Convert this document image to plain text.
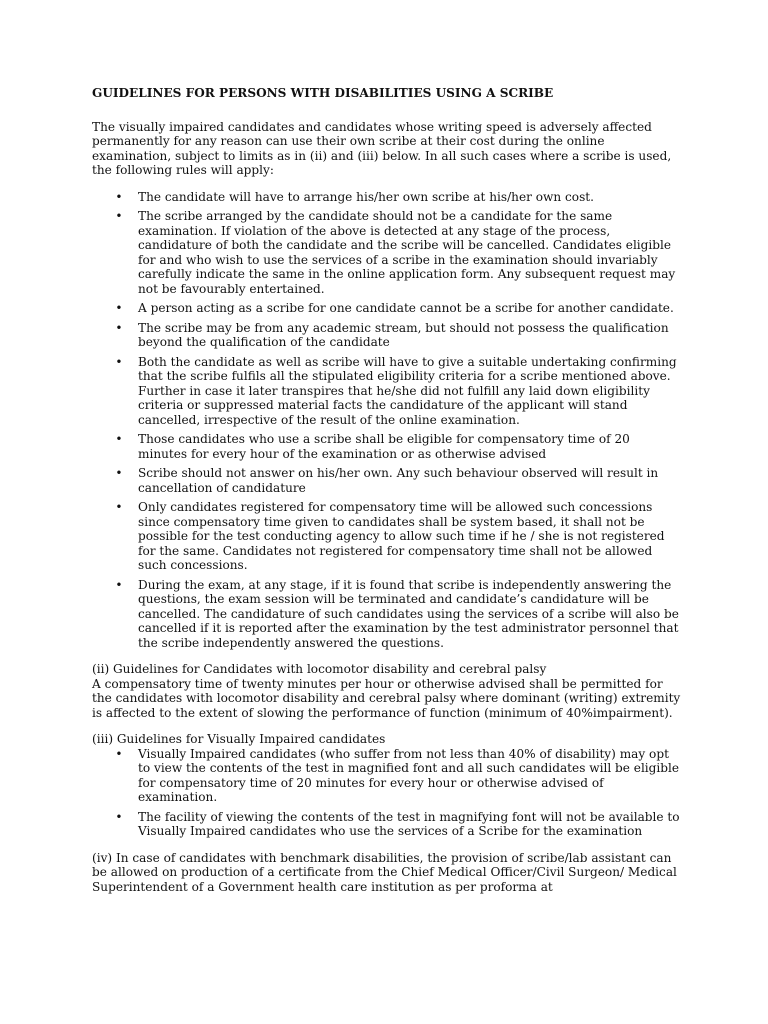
GUIDELINES FOR PERSONS WITH DISABILITIES USING A SCRIBE

The visually impaired candidates and candidates whose writing speed is adversely affected permanently for any reason can use their own scribe at their cost during the online examination, subject to limits as in (ii) and (iii) below. In all such cases where a scribe is used, the following rules will apply:

• The candidate will have to arrange his/her own scribe at his/her own cost.
• The scribe arranged by the candidate should not be a candidate for the same examination. If violation of the above is detected at any stage of the process, candidature of both the candidate and the scribe will be cancelled. Candidates eligible for and who wish to use the services of a scribe in the examination should invariably carefully indicate the same in the online application form. Any subsequent request may not be favourably entertained.
• A person acting as a scribe for one candidate cannot be a scribe for another candidate.
• The scribe may be from any academic stream, but should not possess the qualification beyond the qualification of the candidate
• Both the candidate as well as scribe will have to give a suitable undertaking confirming that the scribe fulfils all the stipulated eligibility criteria for a scribe mentioned above. Further in case it later transpires that he/she did not fulfill any laid down eligibility criteria or suppressed material facts the candidature of the applicant will stand cancelled, irrespective of the result of the online examination.
• Those candidates who use a scribe shall be eligible for compensatory time of 20 minutes for every hour of the examination or as otherwise advised
• Scribe should not answer on his/her own. Any such behaviour observed will result in cancellation of candidature
• Only candidates registered for compensatory time will be allowed such concessions since compensatory time given to candidates shall be system based, it shall not be possible for the test conducting agency to allow such time if he / she is not registered for the same. Candidates not registered for compensatory time shall not be allowed such concessions.
• During the exam, at any stage, if it is found that scribe is independently answering the questions, the exam session will be terminated and candidate’s candidature will be cancelled. The candidature of such candidates using the services of a scribe will also be cancelled if it is reported after the examination by the test administrator personnel that the scribe independently answered the questions.

(ii) Guidelines for Candidates with locomotor disability and cerebral palsy

A compensatory time of twenty minutes per hour or otherwise advised shall be permitted for the candidates with locomotor disability and cerebral palsy where dominant (writing) extremity is affected to the extent of slowing the performance of function (minimum of 40%impairment).

(iii) Guidelines for Visually Impaired candidates

• Visually Impaired candidates (who suffer from not less than 40% of disability) may opt to view the contents of the test in magnified font and all such candidates will be eligible for compensatory time of 20 minutes for every hour or otherwise advised of examination.
• The facility of viewing the contents of the test in magnifying font will not be available to Visually Impaired candidates who use the services of a Scribe for the examination

(iv) In case of candidates with benchmark disabilities, the provision of scribe/lab assistant can be allowed on production of a certificate from the Chief Medical Officer/Civil Surgeon/ Medical Superintendent of a Government health care institution as per proforma at
